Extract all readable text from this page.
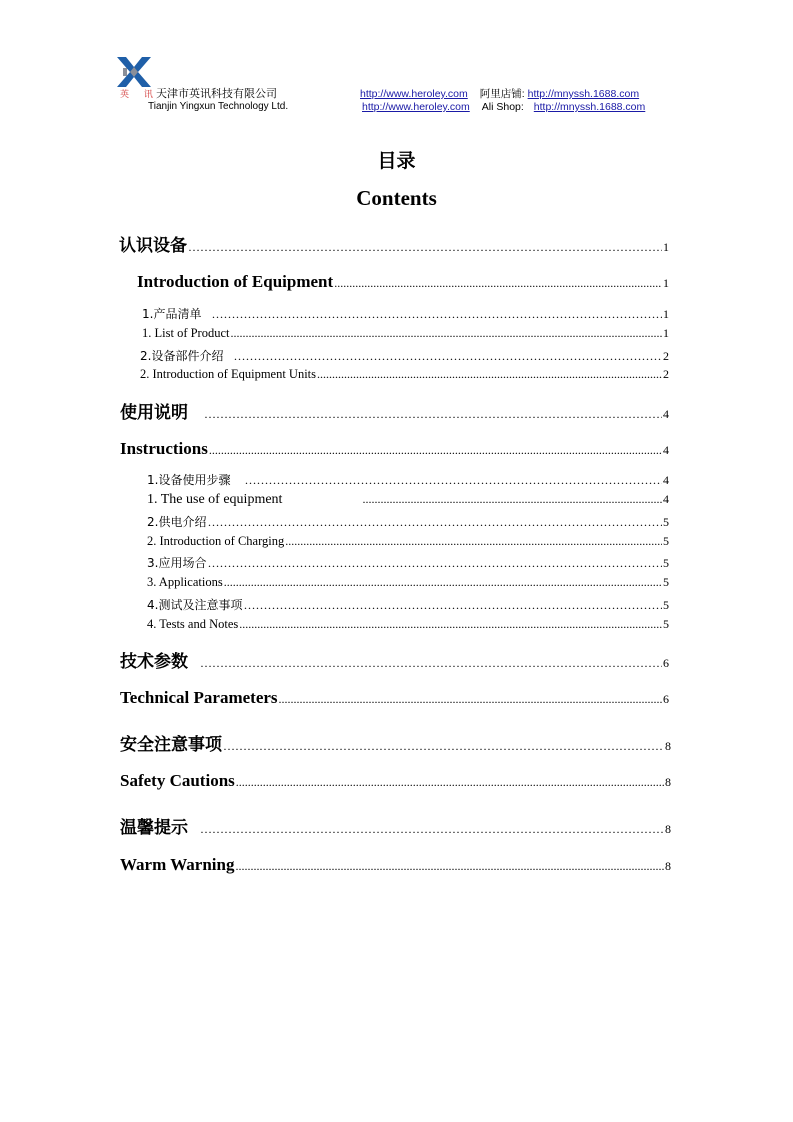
英 讯
天津市英讯科技有限公司
Tianjin Yingxun Technology Ltd.
http://www.heroley.com 阿里店铺: http://mnyssh.1688.com
http://www.heroley.com Ali Shop: http://mnyssh.1688.com
目录
Contents
认识设备 …………………………………………………………………………………………………………………………………………………………………………………………………………………………	1
Introduction of Equipment .....	1
1.产品清单 …………………………………………………………………………………………………………………………………………………………………………………………………………………………	1
1. List of Product .....	1
2.设备部件介绍 …………………………………………………………………………………………………………………………………………………………………………………………………………………………	2
2. Introduction of Equipment Units .....	2
使用说明 …………………………………………………………………………………………………………………………………………………………………………………………………………………………	4
Instructions .....	4
1.设备使用步骤 …………………………………………………………………………………………………………………………………………………………………………………………………………………………	4
1. The use of equipment .....	4
2.供电介绍 …………………………………………………………………………………………………………………………………………………………………………………………………………………………	5
2. Introduction of Charging .....	5
3.应用场合 …………………………………………………………………………………………………………………………………………………………………………………………………………………………	5
3. Applications .....	5
4.测试及注意事项 …………………………………………………………………………………………………………………………………………………………………………………………………………………………	5
4. Tests and Notes .....	5
技术参数 …………………………………………………………………………………………………………………………………………………………………………………………………………………………	6
Technical Parameters .....	6
安全注意事项 …………………………………………………………………………………………………………………………………………………………………………………………………………………………	8
Safety Cautions .....	8
温馨提示 …………………………………………………………………………………………………………………………………………………………………………………………………………………………	8
Warm Warning .....	8
